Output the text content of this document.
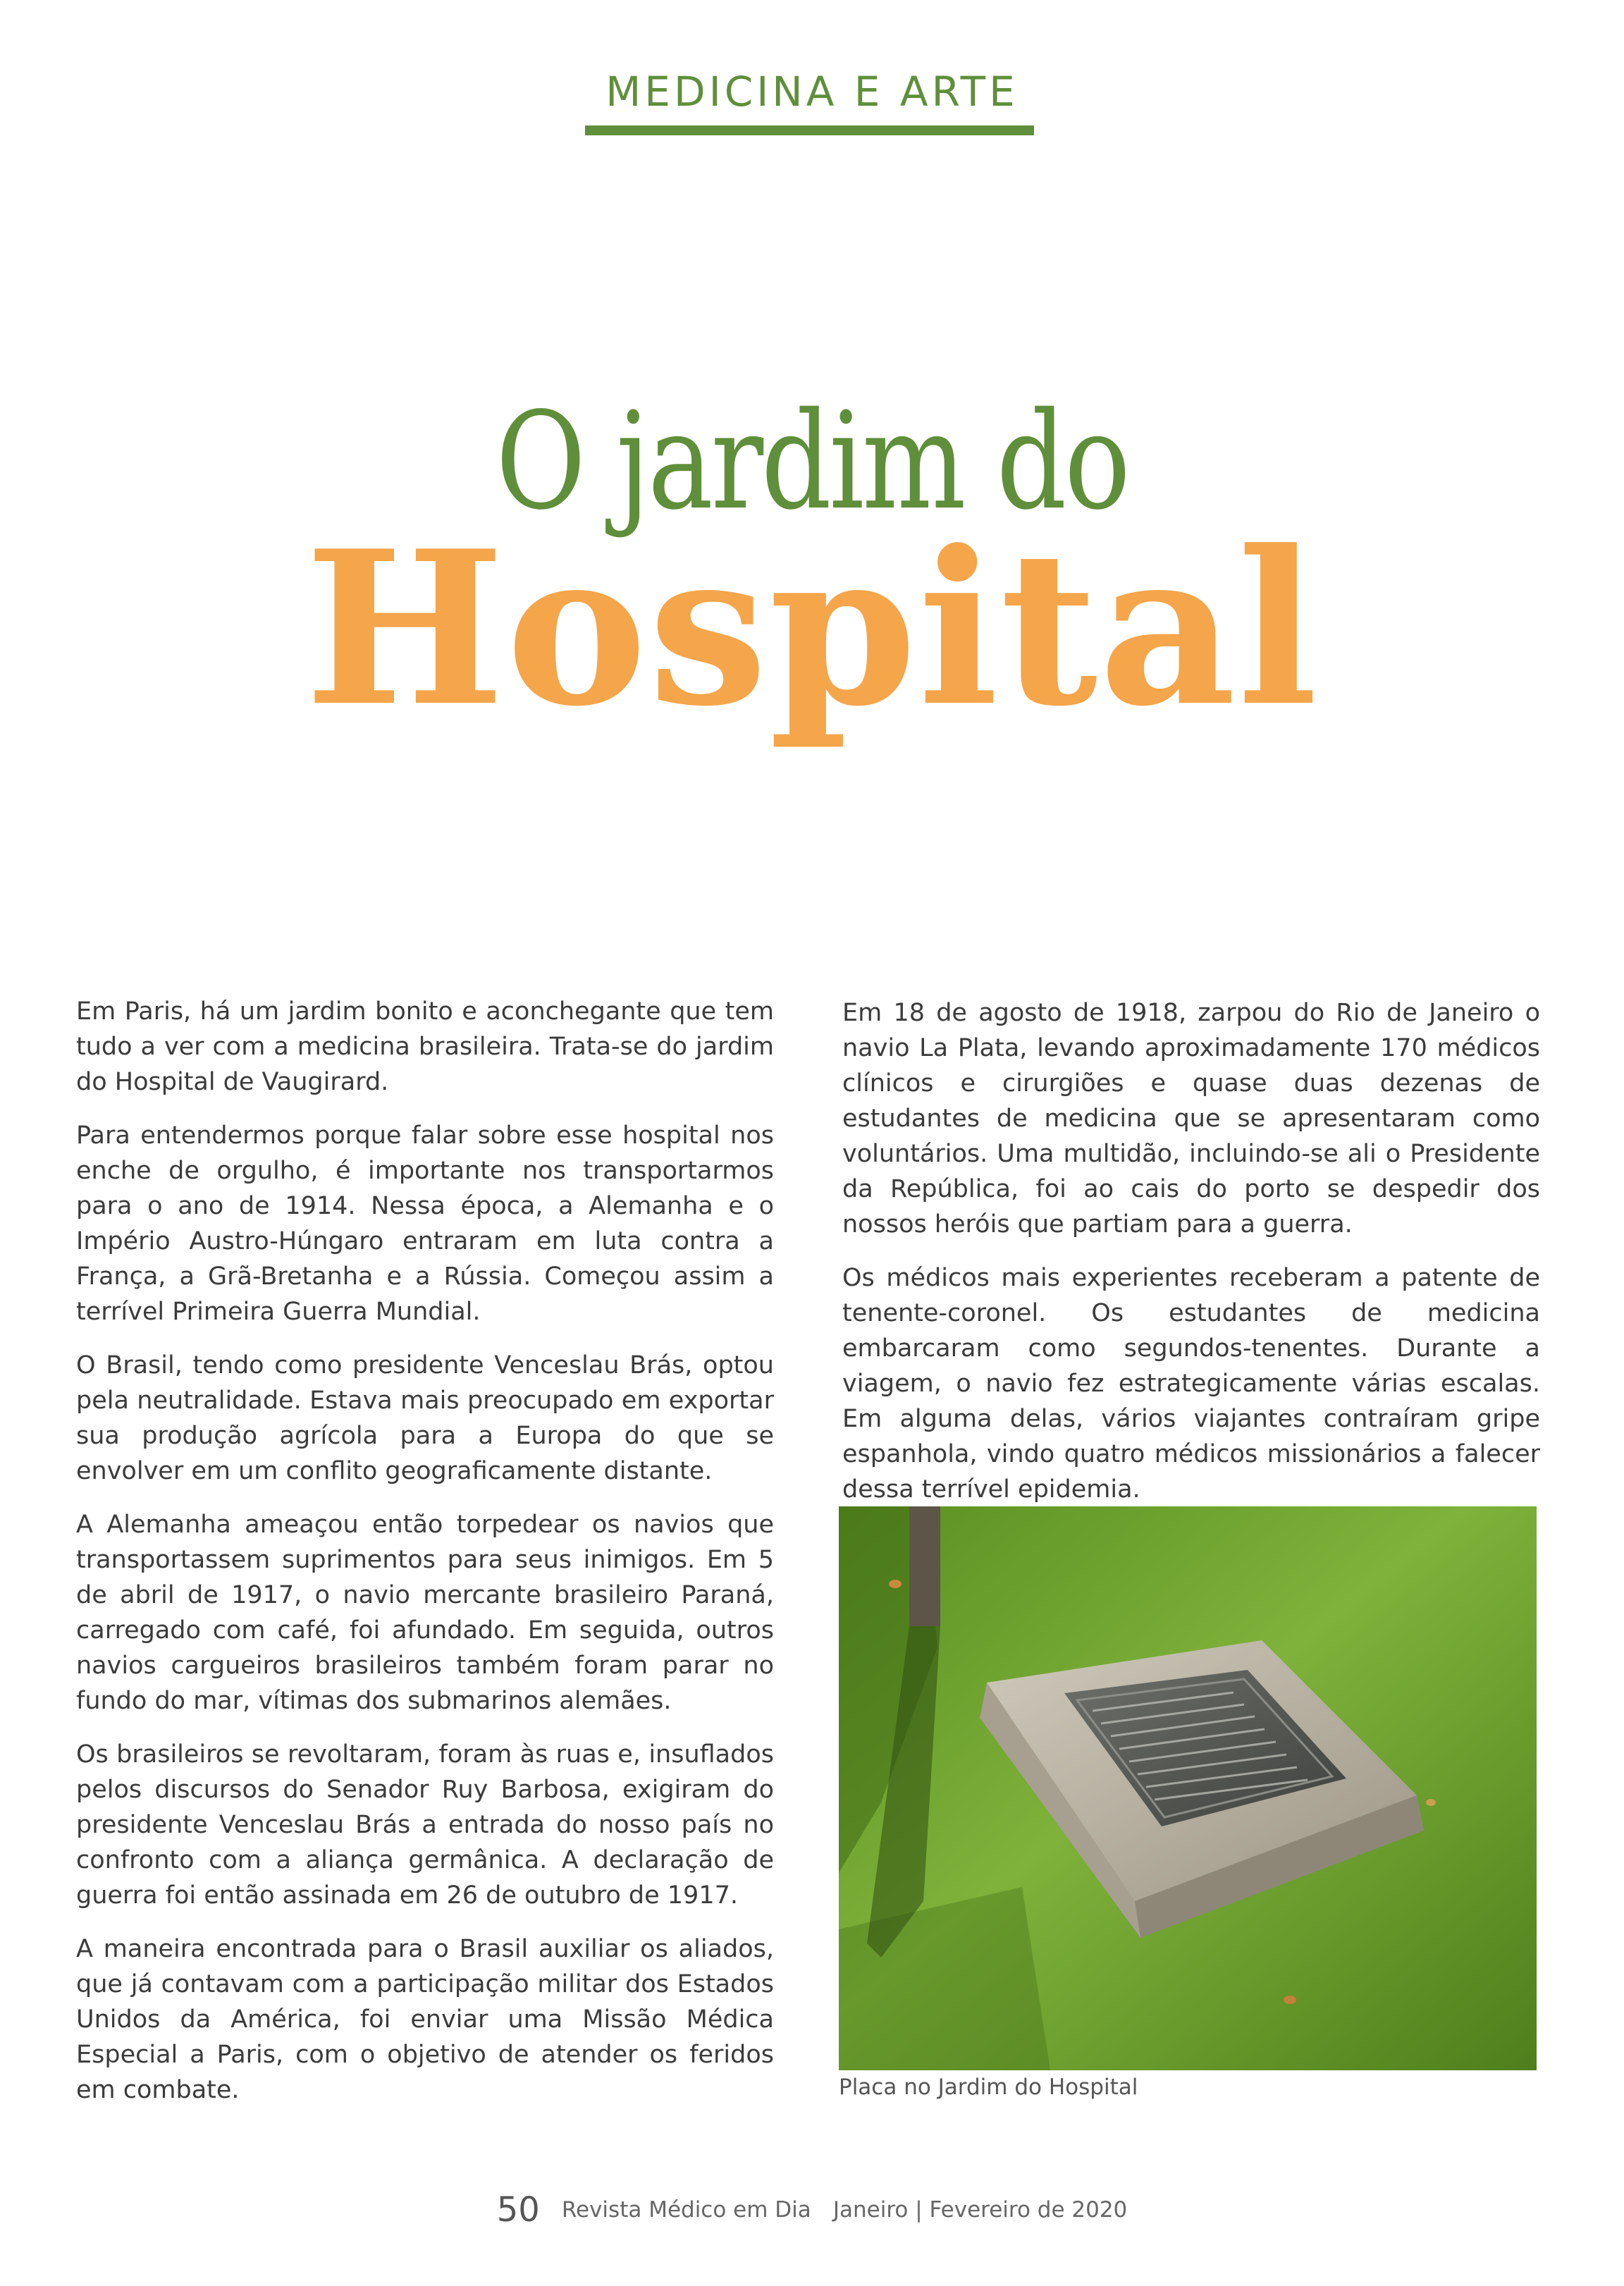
MEDICINA E ARTE
O jardim do
Hospital

Em Paris, há um jardim bonito e aconchegante que tem tudo a ver com a medicina brasileira. Trata-se do jardim do Hospital de Vaugirard.

Para entendermos porque falar sobre esse hospital nos enche de orgulho, é importante nos transportarmos para o ano de 1914. Nessa época, a Alemanha e o Império Austro-Húngaro entraram em luta contra a França, a Grã-Bretanha e a Rússia. Começou assim a terrível Primeira Guerra Mundial.

O Brasil, tendo como presidente Venceslau Brás, optou pela neutralidade. Estava mais preocupado em exportar sua produção agrícola para a Europa do que se envolver em um conflito geograficamente distante.

A Alemanha ameaçou então torpedear os navios que transportassem suprimentos para seus inimigos. Em 5 de abril de 1917, o navio mercante brasileiro Paraná, carregado com café, foi afundado. Em seguida, outros navios cargueiros brasileiros também foram parar no fundo do mar, vítimas dos submarinos alemães.

Os brasileiros se revoltaram, foram às ruas e, insuflados pelos discursos do Senador Ruy Barbosa, exigiram do presidente Venceslau Brás a entrada do nosso país no confronto com a aliança germânica. A declaração de guerra foi então assinada em 26 de outubro de 1917.

A maneira encontrada para o Brasil auxiliar os aliados, que já contavam com a participação militar dos Estados Unidos da América, foi enviar uma Missão Médica Especial a Paris, com o objetivo de atender os feridos em combate.

Em 18 de agosto de 1918, zarpou do Rio de Janeiro o navio La Plata, levando aproximadamente 170 médicos clínicos e cirurgiões e quase duas dezenas de estudantes de medicina que se apresentaram como voluntários. Uma multidão, incluindo-se ali o Presidente da República, foi ao cais do porto se despedir dos nossos heróis que partiam para a guerra.

Os médicos mais experientes receberam a patente de tenente-coronel. Os estudantes de medicina embarcaram como segundos-tenentes. Durante a viagem, o navio fez estrategicamente várias escalas. Em alguma delas, vários viajantes contraíram gripe espanhola, vindo quatro médicos missionários a falecer dessa terrível epidemia.

Placa no Jardim do Hospital
50 Revista Médico em Dia Janeiro | Fevereiro de 2020
